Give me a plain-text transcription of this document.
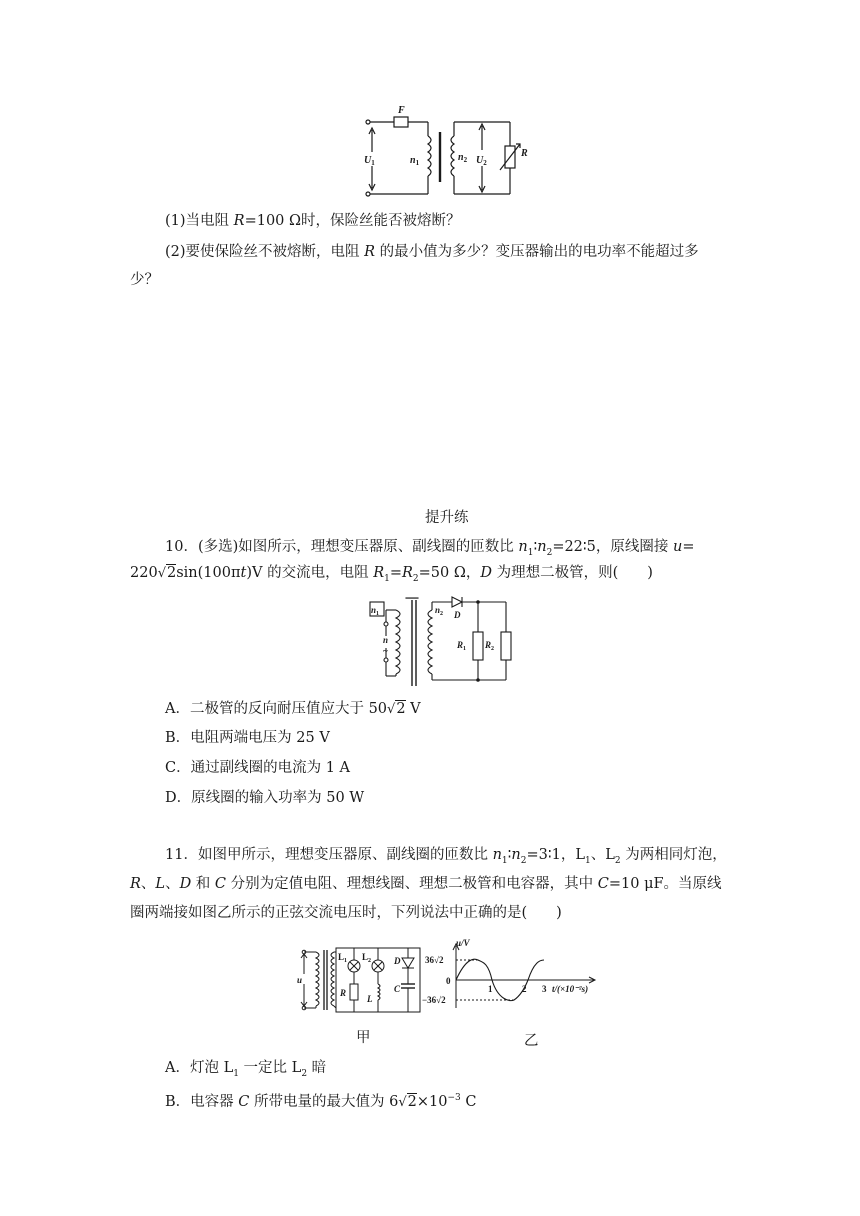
F
$U_1$	$n_1$	$n_2$ $U_2$
R
(1)当电阻 R=100 Ω时，保险丝能否被熔断？
(2)要使保险丝不被熔断，电阻 R 的最小值为多少？变压器输出的电功率不能超过多
少？
提升练
10．(多选)如图所示，理想变压器原、副线圈的匝数比 $n_1∶n_2=22∶5$，原线圈接 u=
220√2sin(100πt)V 的交流电，电阻 $R_1=R_2=50$ Ω，D 为理想二极管，则(　　)
$n_1$	$n_2$
n
~
D
$R_1$ $R_2$
A．二极管的反向耐压值应大于 50√2 V
B．电阻两端电压为 25 V
C．通过副线圈的电流为 1 A
D．原线圈的输入功率为 50 W
11．如图甲所示，理想变压器原、副线圈的匝数比 $n_1∶n_2=3∶1$，$L_1$、$L_2$ 为两相同灯泡，
R、L、D 和 C 分别为定值电阻、理想线圈、理想二极管和电容器，其中 C=10 μF。当原线
圈两端接如图乙所示的正弦交流电压时，下列说法中正确的是(　　)
u
$L_1$ $L_2$	D
R
L
C
甲
u/V
36√2
0
−36√2
1	2 3 t/(×10⁻²s)
乙
A．灯泡 $L_1$ 一定比 $L_2$ 暗
B．电容器 C 所带电量的最大值为 $6√2\times 10^{-3}$ C
